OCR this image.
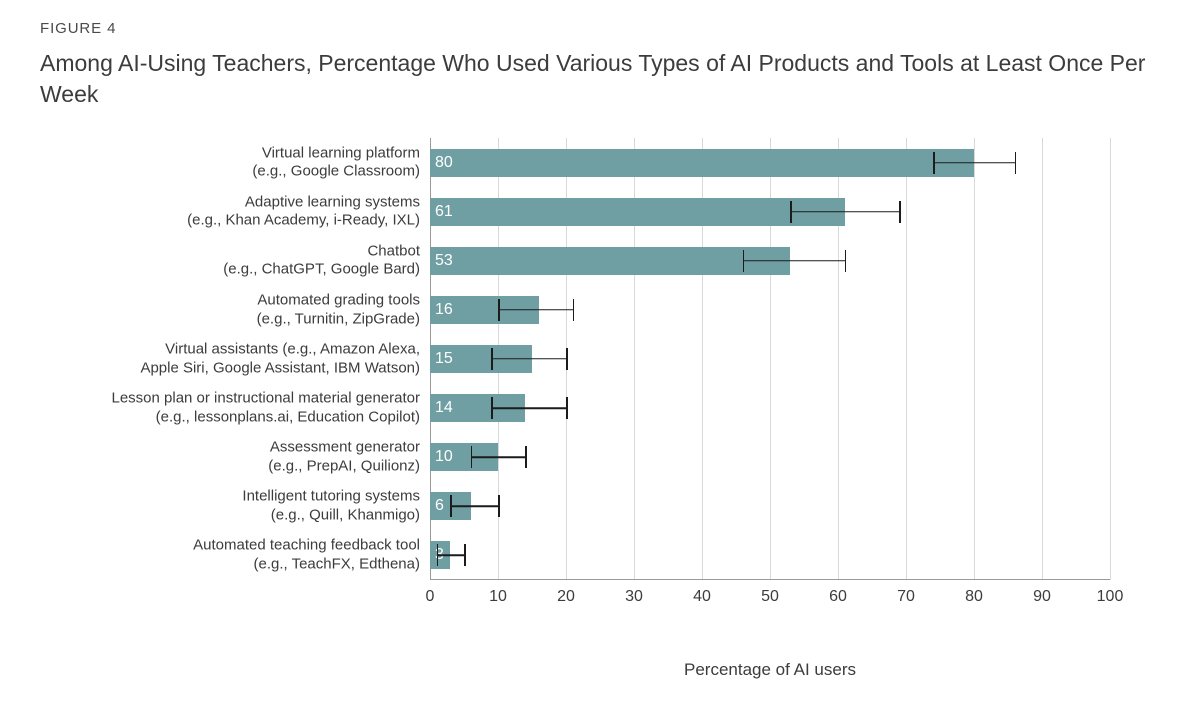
FIGURE 4
Among AI-Using Teachers, Percentage Who Used Various Types of AI Products and Tools at Least Once Per Week
Virtual learning platform
(e.g., Google Classroom)
80
Adaptive learning systems
(e.g., Khan Academy, i-Ready, IXL)
61
Chatbot
(e.g., ChatGPT, Google Bard)
53
Automated grading tools
(e.g., Turnitin, ZipGrade)
16
Virtual assistants (e.g., Amazon Alexa,
Apple Siri, Google Assistant, IBM Watson)
15
Lesson plan or instructional material generator
(e.g., lessonplans.ai, Education Copilot)
14
Assessment generator
(e.g., PrepAI, Quilionz)
10
Intelligent tutoring systems
(e.g., Quill, Khanmigo)
6
Automated teaching feedback tool
(e.g., TeachFX, Edthena)
0	10	20	30	40	50	60	70	80	90	100
Percentage of AI users
